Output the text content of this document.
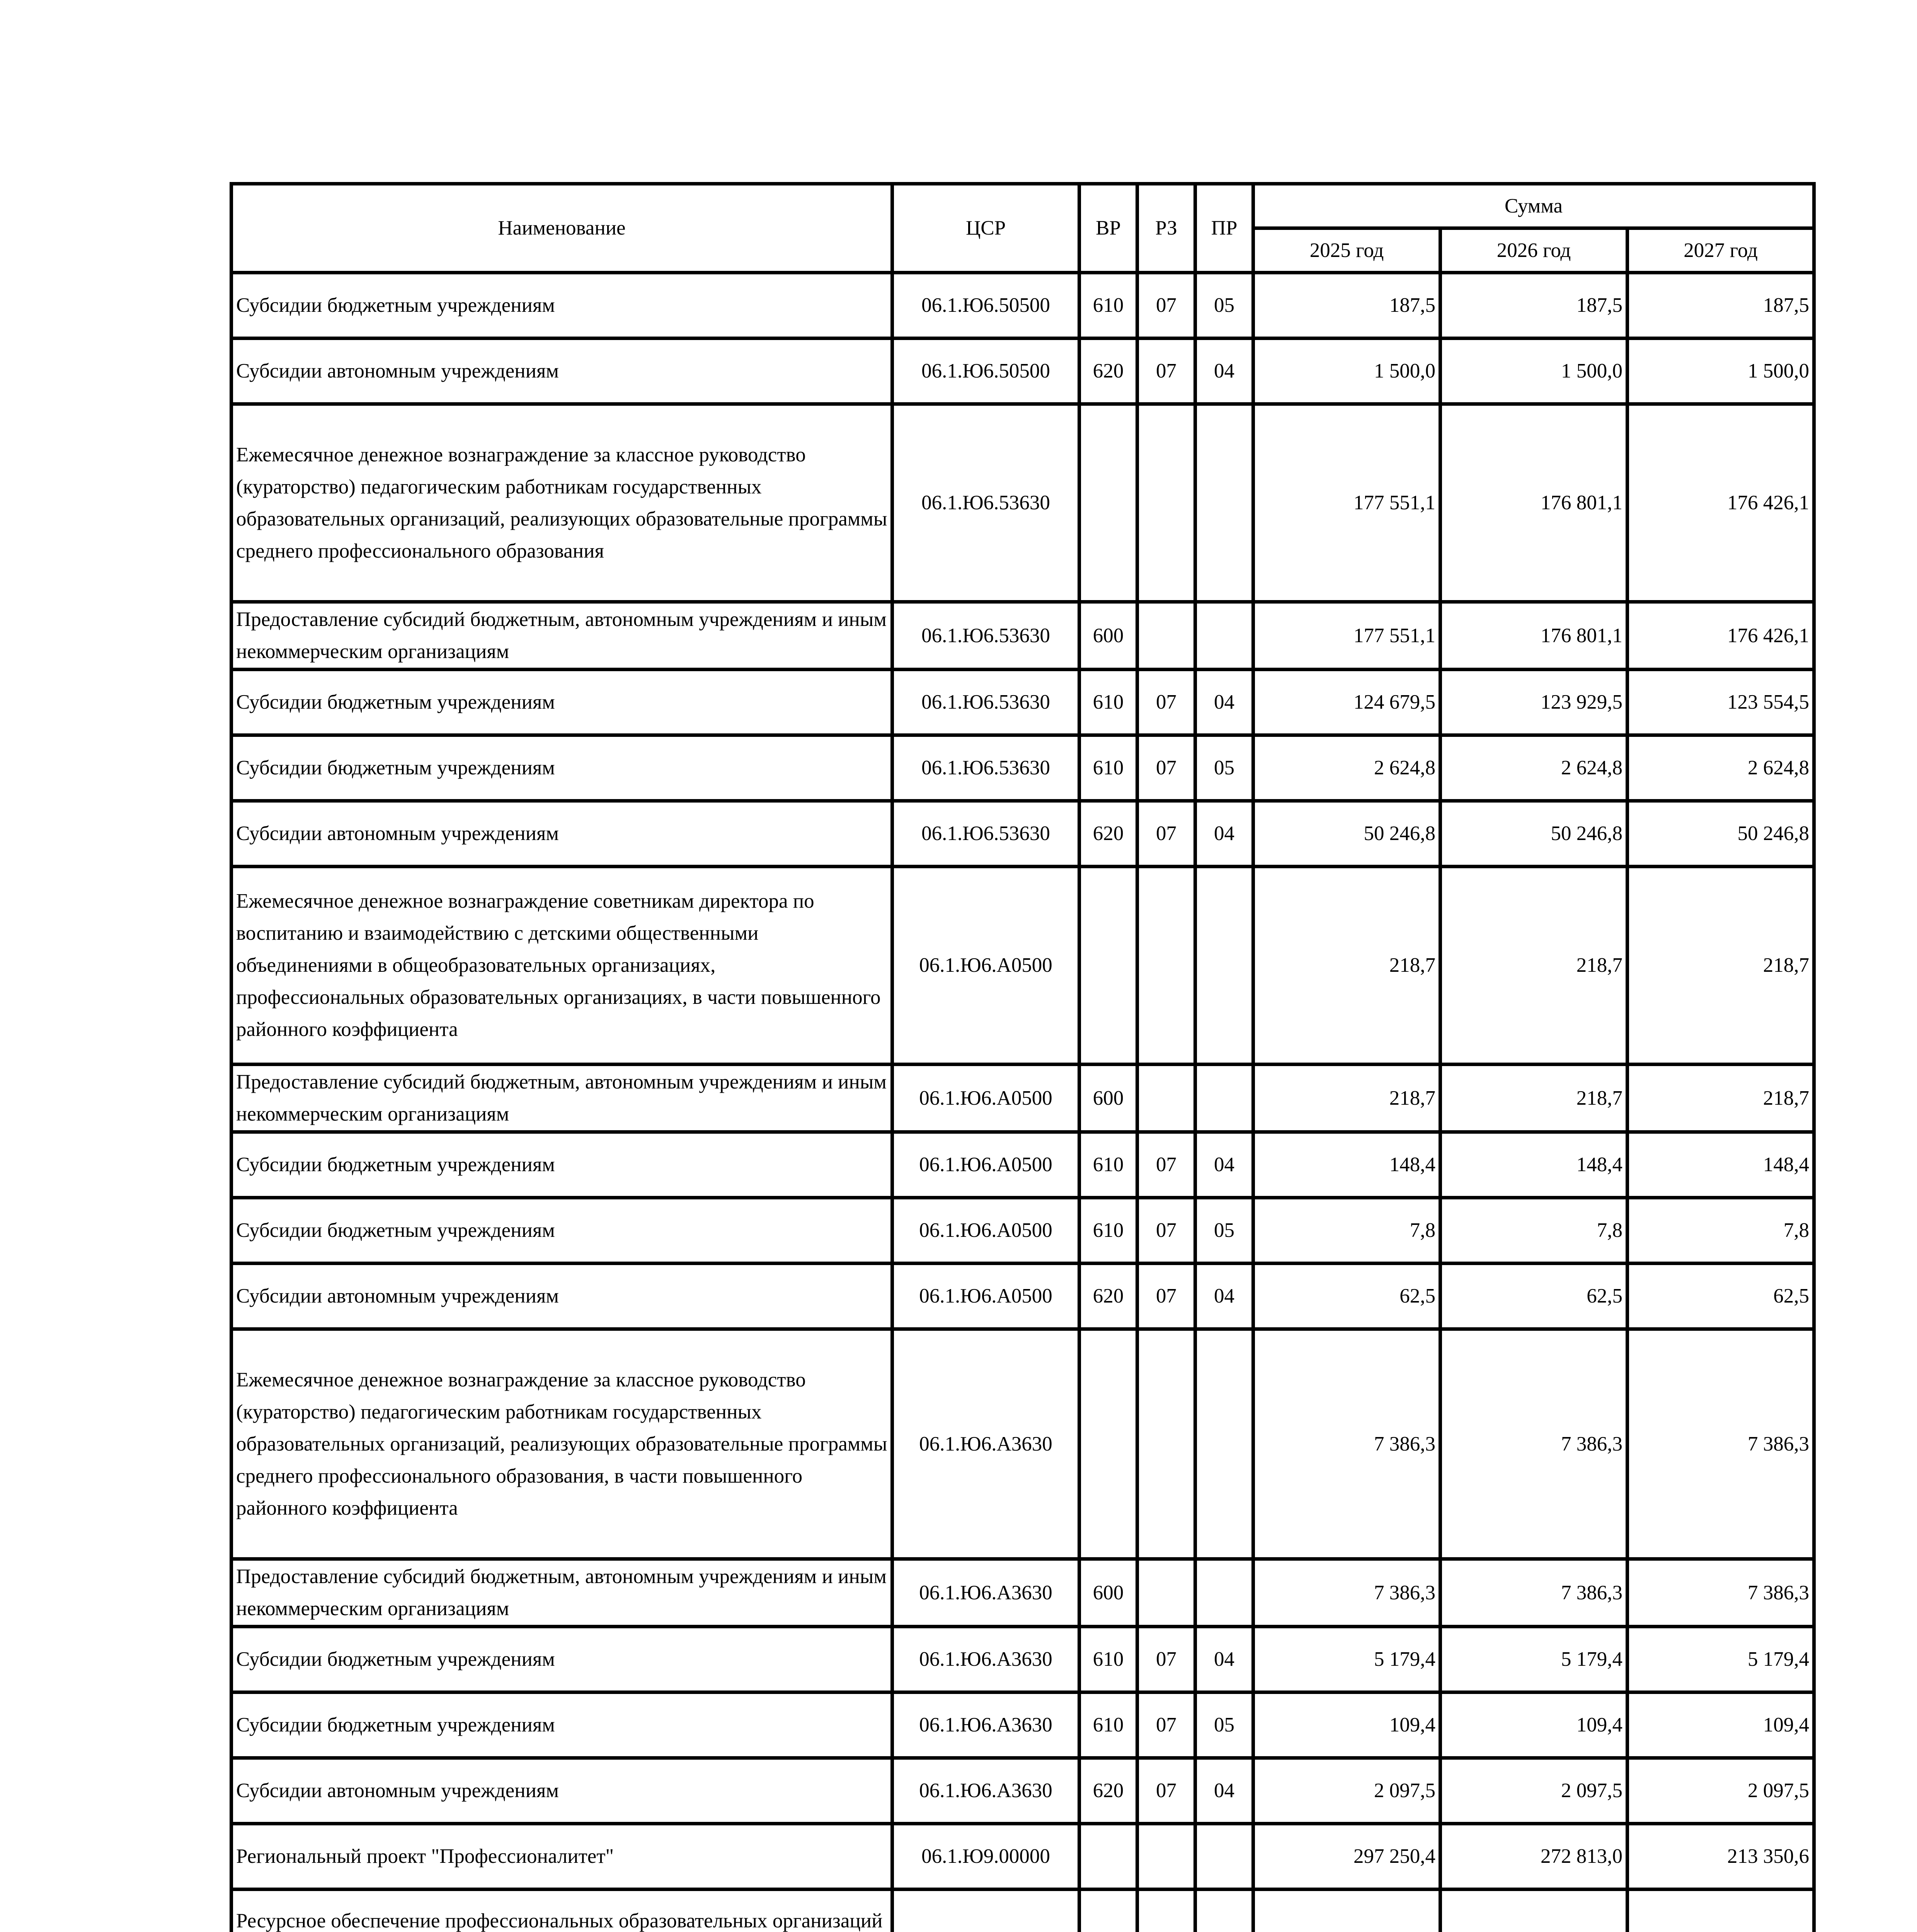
Наименование	ЦСР	ВР	РЗ	ПР	Сумма		
					2025 год	2026 год	2027 год
Субсидии бюджетным учреждениям	06.1.Ю6.50500	610	07	05	187,5	187,5	187,5
Субсидии автономным учреждениям	06.1.Ю6.50500	620	07	04	1 500,0	1 500,0	1 500,0
Ежемесячное денежное вознаграждение за классное руководство (кураторство) педагогическим работникам государственных образовательных организаций, реализующих образовательные программы среднего профессионального образования	06.1.Ю6.53630				177 551,1	176 801,1	176 426,1
Предоставление субсидий бюджетным, автономным учреждениям и иным некоммерческим организациям	06.1.Ю6.53630	600			177 551,1	176 801,1	176 426,1
Субсидии бюджетным учреждениям	06.1.Ю6.53630	610	07	04	124 679,5	123 929,5	123 554,5
Субсидии бюджетным учреждениям	06.1.Ю6.53630	610	07	05	2 624,8	2 624,8	2 624,8
Субсидии автономным учреждениям	06.1.Ю6.53630	620	07	04	50 246,8	50 246,8	50 246,8
Ежемесячное денежное вознаграждение советникам директора по воспитанию и взаимодействию с детскими общественными объединениями в общеобразовательных организациях, профессиональных образовательных организациях, в части повышенного районного коэффициента	06.1.Ю6.А0500				218,7	218,7	218,7
Предоставление субсидий бюджетным, автономным учреждениям и иным некоммерческим организациям	06.1.Ю6.А0500	600			218,7	218,7	218,7
Субсидии бюджетным учреждениям	06.1.Ю6.А0500	610	07	04	148,4	148,4	148,4
Субсидии бюджетным учреждениям	06.1.Ю6.А0500	610	07	05	7,8	7,8	7,8
Субсидии автономным учреждениям	06.1.Ю6.А0500	620	07	04	62,5	62,5	62,5
Ежемесячное денежное вознаграждение за классное руководство (кураторство) педагогическим работникам государственных образовательных организаций, реализующих образовательные программы среднего профессионального образования, в части повышенного районного коэффициента	06.1.Ю6.А3630				7 386,3	7 386,3	7 386,3
Предоставление субсидий бюджетным, автономным учреждениям и иным некоммерческим организациям	06.1.Ю6.А3630	600			7 386,3	7 386,3	7 386,3
Субсидии бюджетным учреждениям	06.1.Ю6.А3630	610	07	04	5 179,4	5 179,4	5 179,4
Субсидии бюджетным учреждениям	06.1.Ю6.А3630	610	07	05	109,4	109,4	109,4
Субсидии автономным учреждениям	06.1.Ю6.А3630	620	07	04	2 097,5	2 097,5	2 097,5
Региональный проект "Профессионалитет"	06.1.Ю9.00000				297 250,4	272 813,0	213 350,6
Ресурсное обеспечение профессиональных образовательных организаций							
